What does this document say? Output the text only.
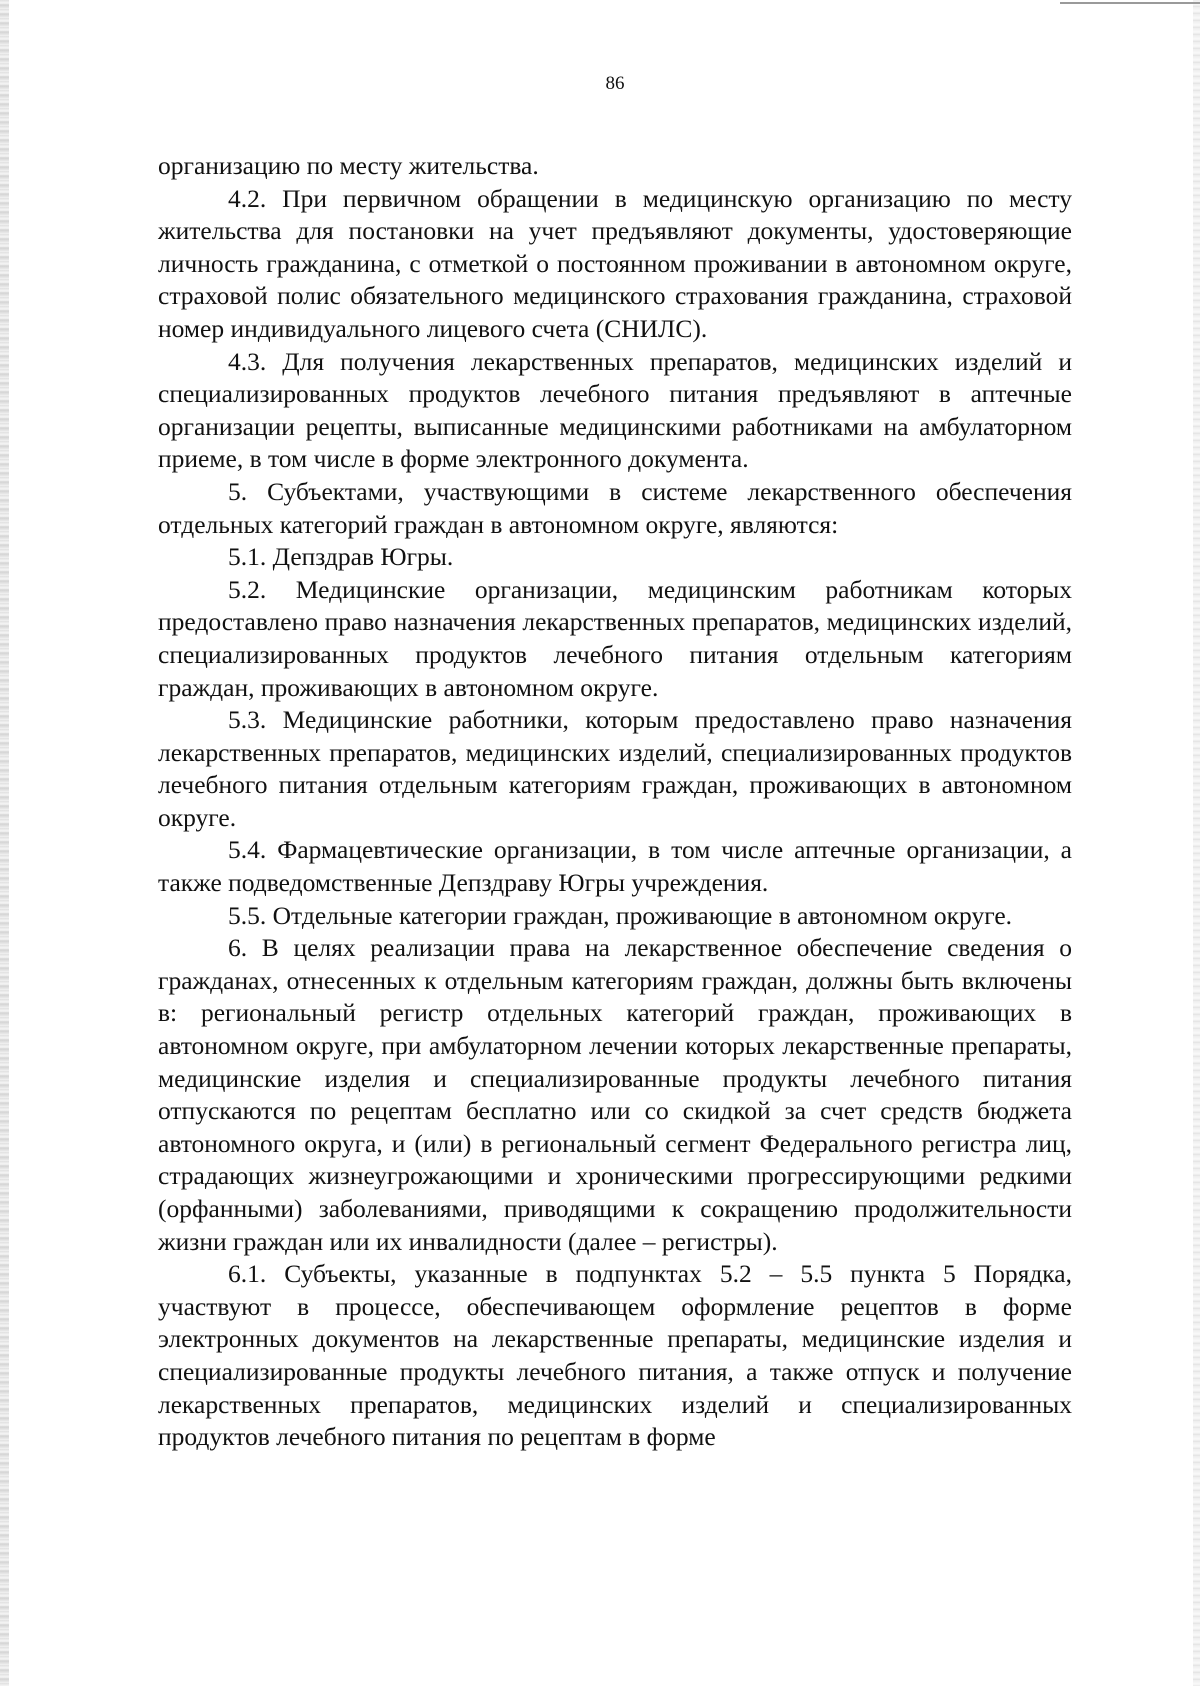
86

организацию по месту жительства.

4.2. При первичном обращении в медицинскую организацию по месту жительства для постановки на учет предъявляют документы, удостоверяющие личность гражданина, с отметкой о постоянном проживании в автономном округе, страховой полис обязательного медицинского страхования гражданина, страховой номер индивидуального лицевого счета (СНИЛС).

4.3. Для получения лекарственных препаратов, медицинских изделий и специализированных продуктов лечебного питания предъявляют в аптечные организации рецепты, выписанные медицинскими работниками на амбулаторном приеме, в том числе в форме электронного документа.

5. Субъектами, участвующими в системе лекарственного обеспечения отдельных категорий граждан в автономном округе, являются:

5.1. Депздрав Югры.

5.2. Медицинские организации, медицинским работникам которых предоставлено право назначения лекарственных препаратов, медицинских изделий, специализированных продуктов лечебного питания отдельным категориям граждан, проживающих в автономном округе.

5.3. Медицинские работники, которым предоставлено право назначения лекарственных препаратов, медицинских изделий, специализированных продуктов лечебного питания отдельным категориям граждан, проживающих в автономном округе.

5.4. Фармацевтические организации, в том числе аптечные организации, а также подведомственные Депздраву Югры учреждения.

5.5. Отдельные категории граждан, проживающие в автономном округе.

6. В целях реализации права на лекарственное обеспечение сведения о гражданах, отнесенных к отдельным категориям граждан, должны быть включены в: региональный регистр отдельных категорий граждан, проживающих в автономном округе, при амбулаторном лечении которых лекарственные препараты, медицинские изделия и специализированные продукты лечебного питания отпускаются по рецептам бесплатно или со скидкой за счет средств бюджета автономного округа, и (или) в региональный сегмент Федерального регистра лиц, страдающих жизнеугрожающими и хроническими прогрессирующими редкими (орфанными) заболеваниями, приводящими к сокращению продолжительности жизни граждан или их инвалидности (далее – регистры).

6.1. Субъекты, указанные в подпунктах 5.2 – 5.5 пункта 5 Порядка, участвуют в процессе, обеспечивающем оформление рецептов в форме электронных документов на лекарственные препараты, медицинские изделия и специализированные продукты лечебного питания, а также отпуск и получение лекарственных препаратов, медицинских изделий и специализированных продуктов лечебного питания по рецептам в форме
